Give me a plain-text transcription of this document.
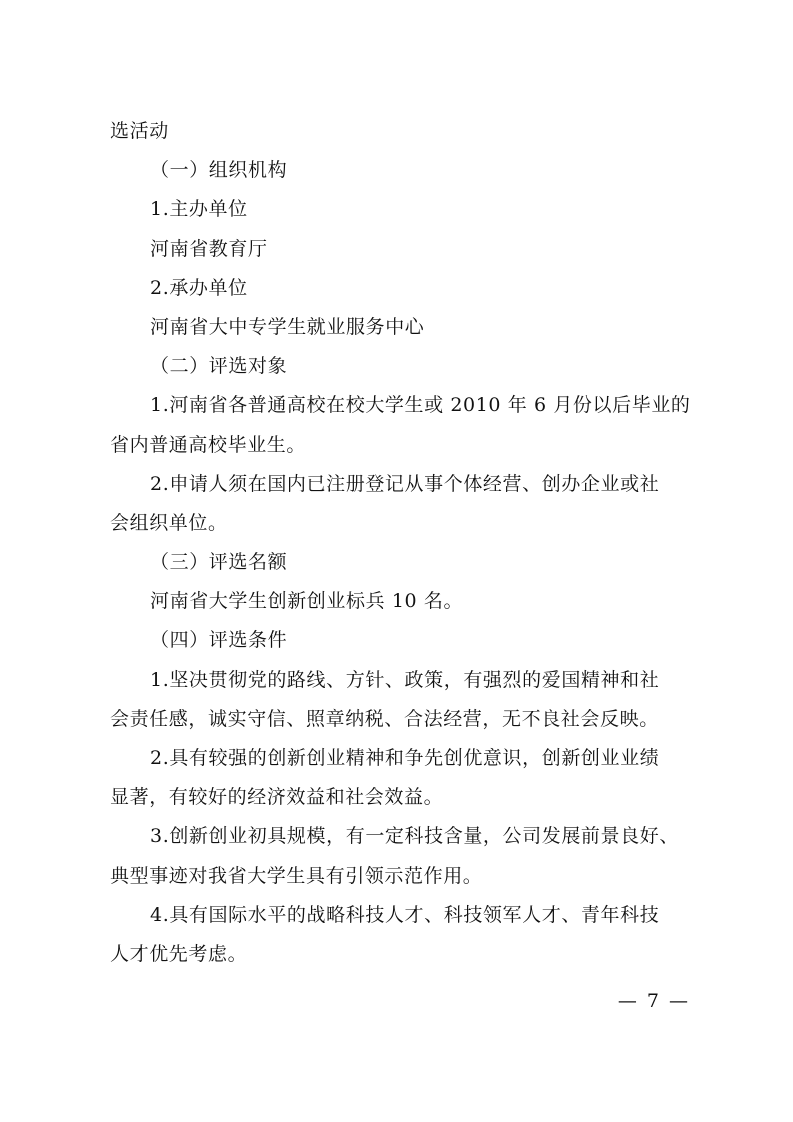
选活动
（一）组织机构
1.主办单位
河南省教育厅
2.承办单位
河南省大中专学生就业服务中心
（二）评选对象
1.河南省各普通高校在校大学生或 2010 年 6 月份以后毕业的
省内普通高校毕业生。
2.申请人须在国内已注册登记从事个体经营、创办企业或社
会组织单位。
（三）评选名额
河南省大学生创新创业标兵 10 名。
（四）评选条件
1.坚决贯彻党的路线、方针、政策，有强烈的爱国精神和社
会责任感，诚实守信、照章纳税、合法经营，无不良社会反映。
2.具有较强的创新创业精神和争先创优意识，创新创业业绩
显著，有较好的经济效益和社会效益。
3.创新创业初具规模，有一定科技含量，公司发展前景良好、
典型事迹对我省大学生具有引领示范作用。
4.具有国际水平的战略科技人才、科技领军人才、青年科技
人才优先考虑。
— 7 —
